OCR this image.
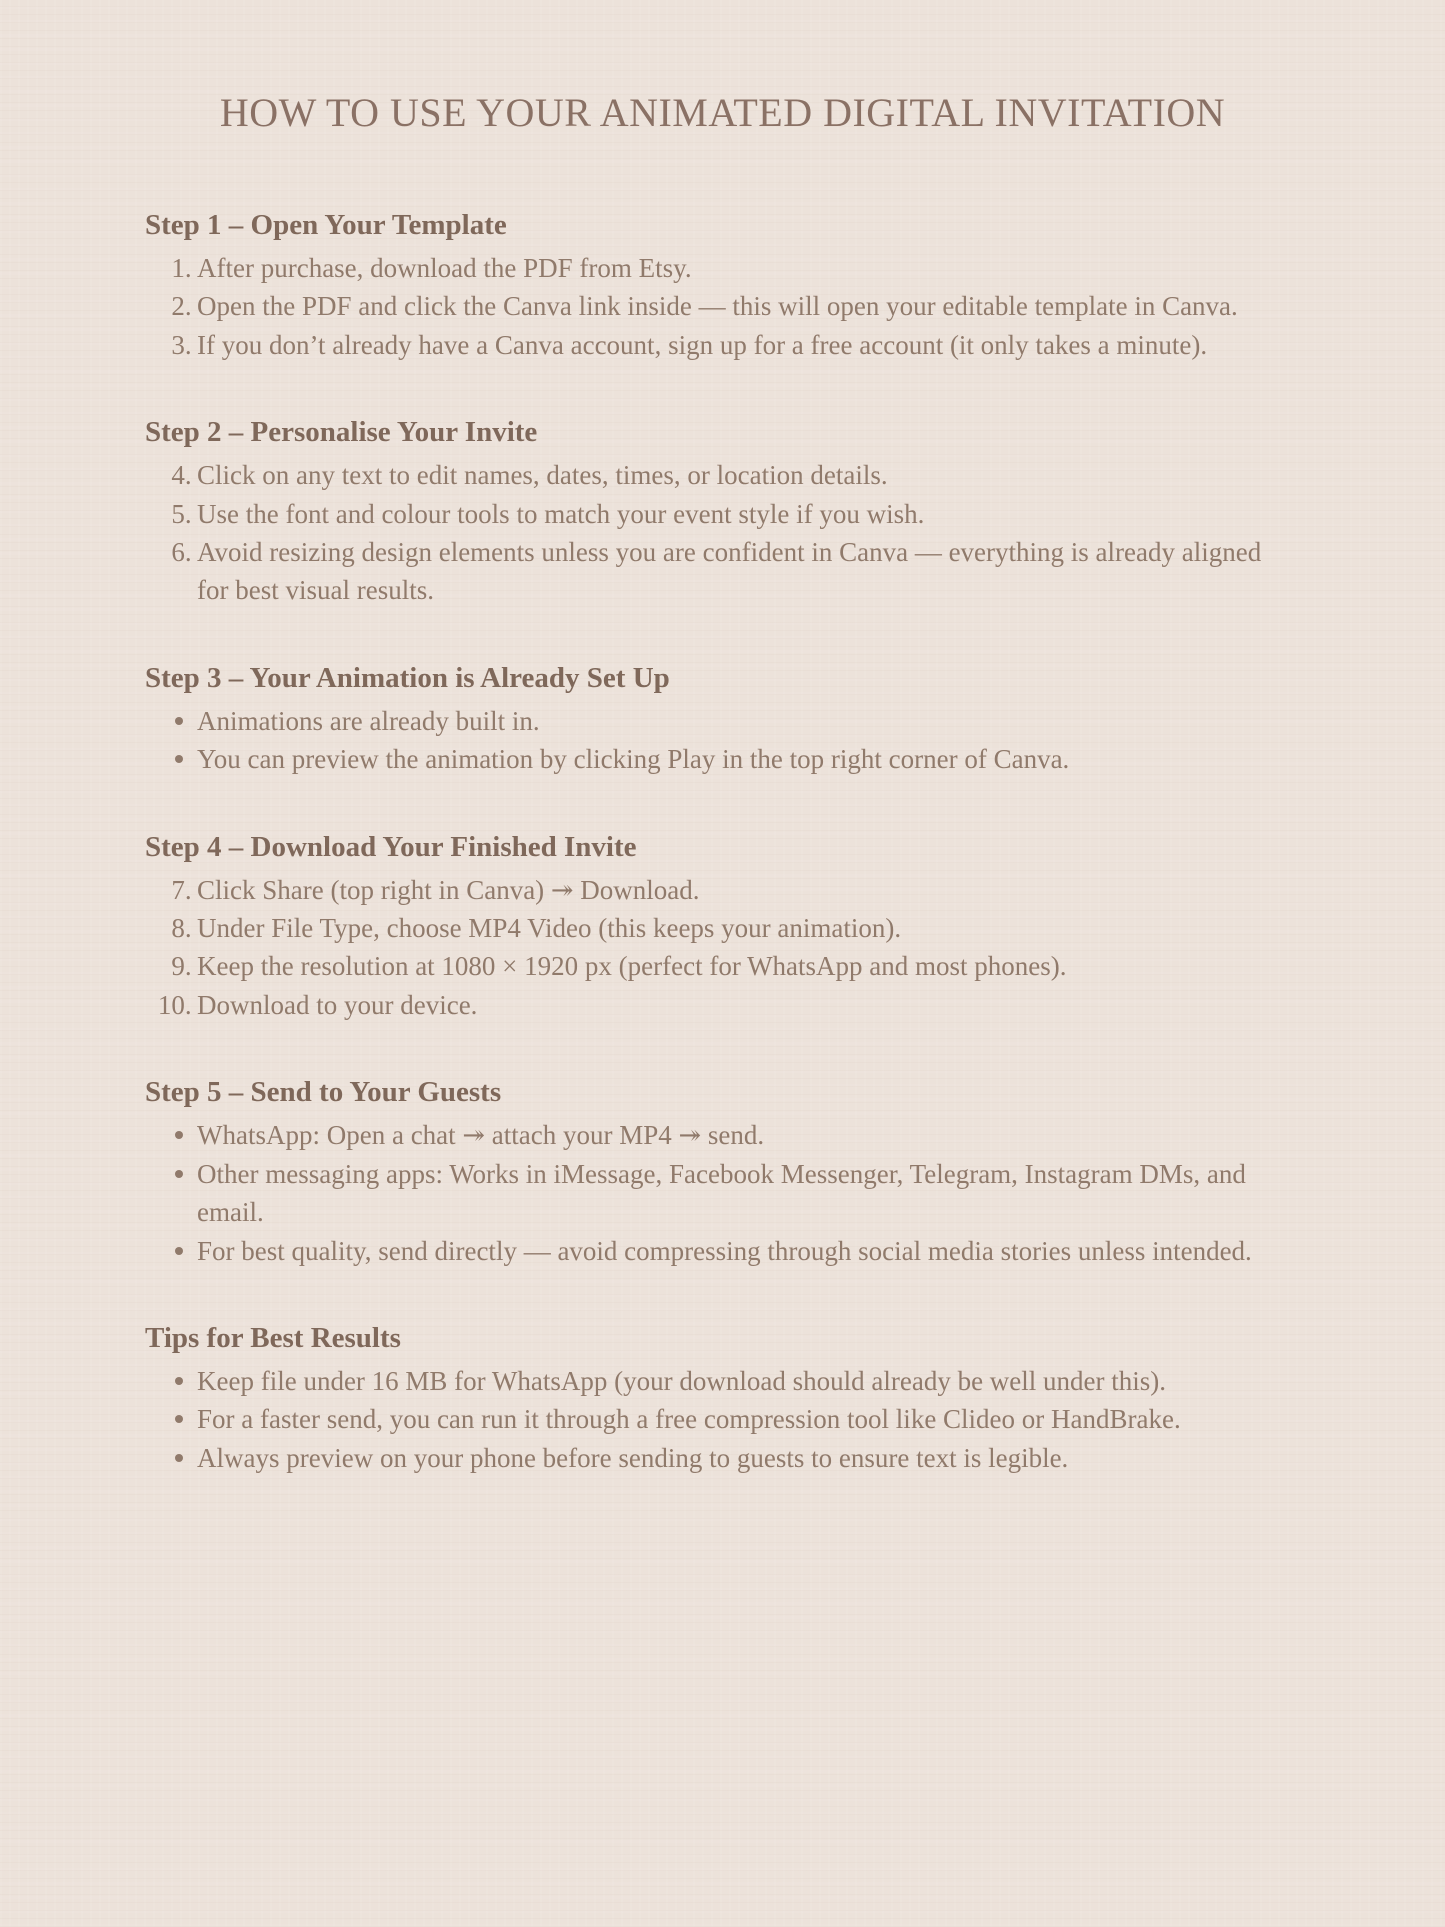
HOW TO USE YOUR ANIMATED DIGITAL INVITATION
Step 1 – Open Your Template
1. After purchase, download the PDF from Etsy.
2. Open the PDF and click the Canva link inside — this will open your editable template in Canva.
3. If you don’t already have a Canva account, sign up for a free account (it only takes a minute).
Step 2 – Personalise Your Invite
4. Click on any text to edit names, dates, times, or location details.
5. Use the font and colour tools to match your event style if you wish.
6. Avoid resizing design elements unless you are confident in Canva — everything is already aligned for best visual results.
Step 3 – Your Animation is Already Set Up
Animations are already built in.
You can preview the animation by clicking Play in the top right corner of Canva.
Step 4 – Download Your Finished Invite
7. Click Share (top right in Canva) ↠ Download.
8. Under File Type, choose MP4 Video (this keeps your animation).
9. Keep the resolution at 1080 × 1920 px (perfect for WhatsApp and most phones).
10. Download to your device.
Step 5 – Send to Your Guests
WhatsApp: Open a chat ↠ attach your MP4 ↠ send.
Other messaging apps: Works in iMessage, Facebook Messenger, Telegram, Instagram DMs, and email.
For best quality, send directly — avoid compressing through social media stories unless intended.
Tips for Best Results
Keep file under 16 MB for WhatsApp (your download should already be well under this).
For a faster send, you can run it through a free compression tool like Clideo or HandBrake.
Always preview on your phone before sending to guests to ensure text is legible.
